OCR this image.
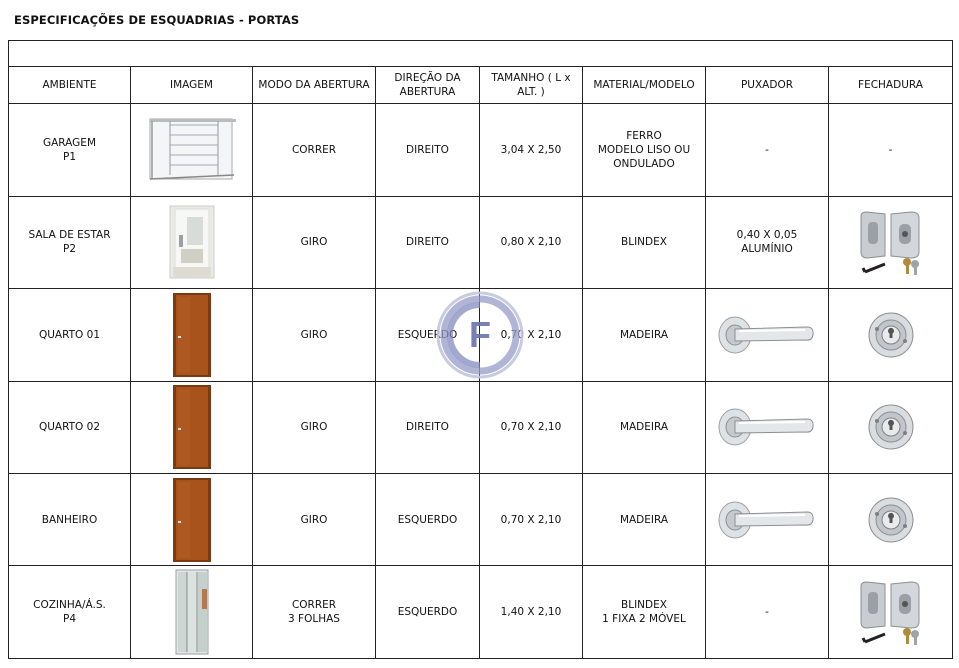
ESPECIFICAÇÕES DE ESQUADRIAS - PORTAS

AMBIENTE	IMAGEM	MODO DA ABERTURA	DIREÇÃO DA
ABERTURA	TAMANHO ( L x
ALT. )	MATERIAL/MODELO	PUXADOR	FECHADURA
GARAGEM
P1		CORRER	DIREITO	3,04 X 2,50	FERRO
MODELO LISO OU
ONDULADO	-	-
SALA DE ESTAR
P2		GIRO	DIREITO	0,80 X 2,10	BLINDEX	0,40 X 0,05
ALUMÍNIO	

QUARTO 01		GIRO	ESQUERDO	0,70 X 2,10	MADEIRA	

QUARTO 02		GIRO	DIREITO	0,70 X 2,10	MADEIRA	

BANHEIRO		GIRO	ESQUERDO	0,70 X 2,10	MADEIRA	

COZINHA/Á.S.
P4		CORRER
3 FOLHAS	ESQUERDO	1,40 X 2,10	BLINDEX
1 FIXA 2 MÓVEL	-	
F
